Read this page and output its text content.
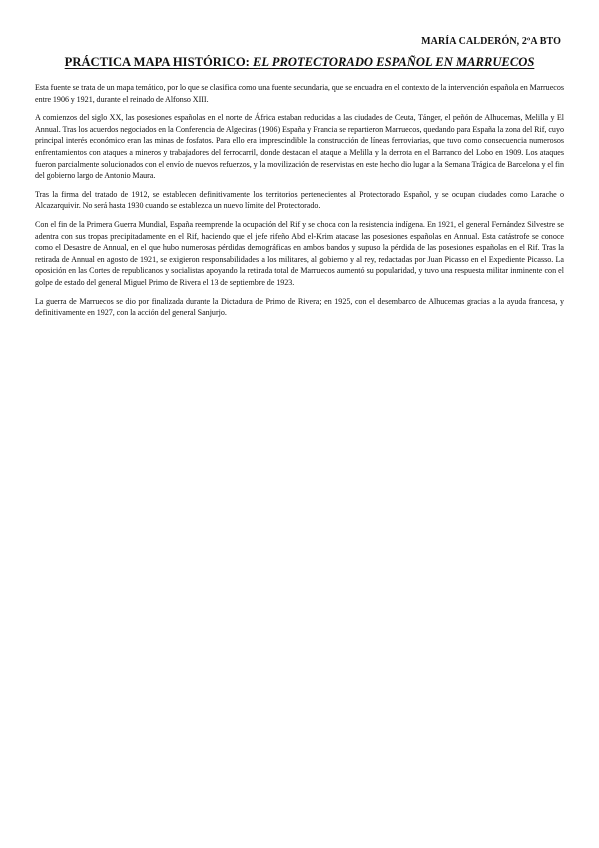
MARÍA CALDERÓN, 2ºA BTO
PRÁCTICA MAPA HISTÓRICO: EL PROTECTORADO ESPAÑOL EN MARRUECOS

Esta fuente se trata de un mapa temático, por lo que se clasifica como una fuente secundaria, que se encuadra en el contexto de la intervención española en Marruecos entre 1906 y 1921, durante el reinado de Alfonso XIII.

A comienzos del siglo XX, las posesiones españolas en el norte de África estaban reducidas a las ciudades de Ceuta, Tánger, el peñón de Alhucemas, Melilla y El Annual. Tras los acuerdos negociados en la Conferencia de Algeciras (1906) España y Francia se repartieron Marruecos, quedando para España la zona del Rif, cuyo principal interés económico eran las minas de fosfatos. Para ello era imprescindible la construcción de líneas ferroviarias, que tuvo como consecuencia numerosos enfrentamientos con ataques a mineros y trabajadores del ferrocarril, donde destacan el ataque a Melilla y la derrota en el Barranco del Lobo en 1909. Los ataques fueron parcialmente solucionados con el envío de nuevos refuerzos, y la movilización de reservistas en este hecho dio lugar a la Semana Trágica de Barcelona y el fin del gobierno largo de Antonio Maura.

Tras la firma del tratado de 1912, se establecen definitivamente los territorios pertenecientes al Protectorado Español, y se ocupan ciudades como Larache o Alcazarquivir. No será hasta 1930 cuando se establezca un nuevo límite del Protectorado.

Con el fin de la Primera Guerra Mundial, España reemprende la ocupación del Rif y se choca con la resistencia indígena. En 1921, el general Fernández Silvestre se adentra con sus tropas precipitadamente en el Rif, haciendo que el jefe rifeño Abd el-Krim atacase las posesiones españolas en Annual. Esta catástrofe se conoce como el Desastre de Annual, en el que hubo numerosas pérdidas demográficas en ambos bandos y supuso la pérdida de las posesiones españolas en el Rif. Tras la retirada de Annual en agosto de 1921, se exigieron responsabilidades a los militares, al gobierno y al rey, redactadas por Juan Picasso en el Expediente Picasso. La oposición en las Cortes de republicanos y socialistas apoyando la retirada total de Marruecos aumentó su popularidad, y tuvo una respuesta militar inminente con el golpe de estado del general Miguel Primo de Rivera el 13 de septiembre de 1923.

La guerra de Marruecos se dio por finalizada durante la Dictadura de Primo de Rivera; en 1925, con el desembarco de Alhucemas gracias a la ayuda francesa, y definitivamente en 1927, con la acción del general Sanjurjo.
